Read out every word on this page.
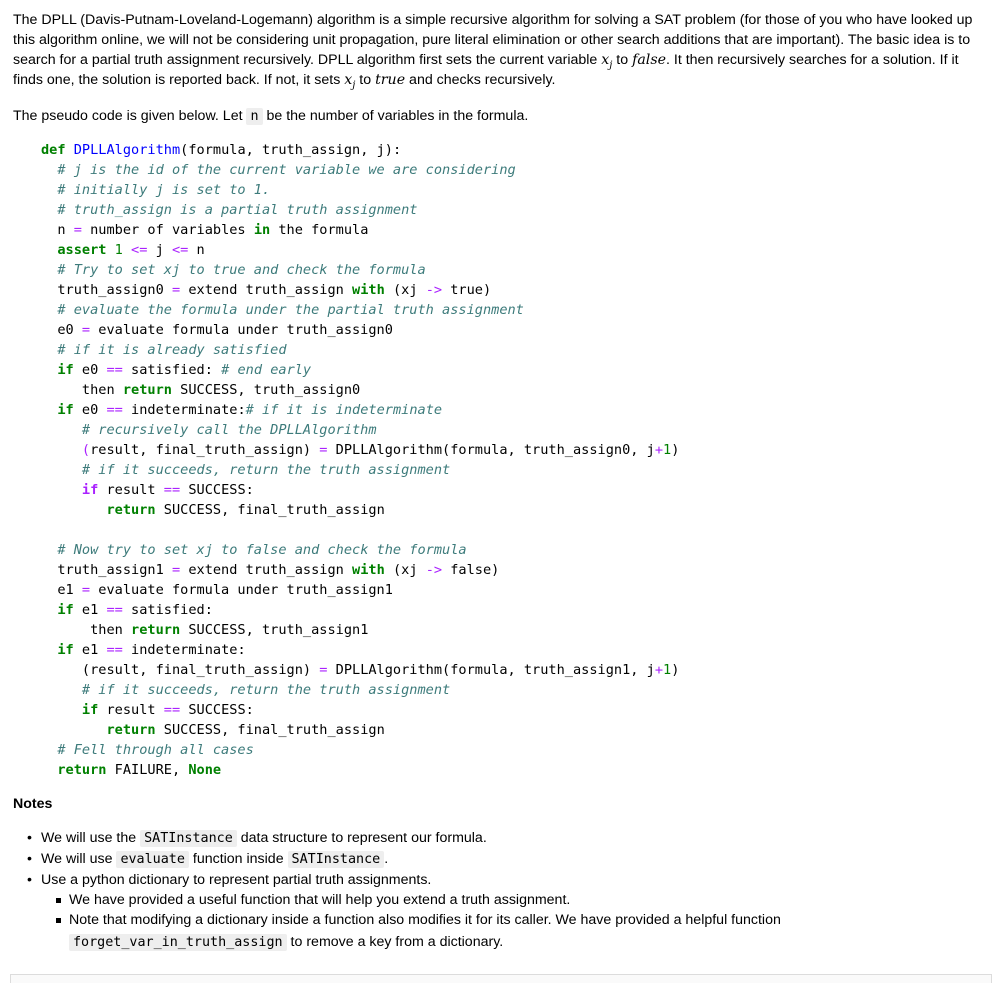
The DPLL (Davis-Putnam-Loveland-Logemann) algorithm is a simple recursive algorithm for solving a SAT problem (for those of you who have looked up this algorithm online, we will not be considering unit propagation, pure literal elimination or other search additions that are important). The basic idea is to search for a partial truth assignment recursively. DPLL algorithm first sets the current variable $x_j$ to false. It then recursively searches for a solution. If it finds one, the solution is reported back. If not, it sets $x_j$ to true and checks recursively.

The pseudo code is given below. Let n be the number of variables in the formula.

def DPLLAlgorithm(formula, truth_assign, j):
# j is the id of the current variable we are considering
# initially j is set to 1.
# truth_assign is a partial truth assignment
n = number of variables in the formula
assert 1 <= j <= n
# Try to set xj to true and check the formula
truth_assign0 = extend truth_assign with (xj -> true)
# evaluate the formula under the partial truth assignment
e0 = evaluate formula under truth_assign0
# if it is already satisfied
if e0 == satisfied: # end early
then return SUCCESS, truth_assign0
if e0 == indeterminate:# if it is indeterminate
# recursively call the DPLLAlgorithm
(result, final_truth_assign) = DPLLAlgorithm(formula, truth_assign0, j+1)
# if it succeeds, return the truth assignment
if result == SUCCESS:
return SUCCESS, final_truth_assign
# Now try to set xj to false and check the formula
truth_assign1 = extend truth_assign with (xj -> false)
e1 = evaluate formula under truth_assign1
if e1 == satisfied:
then return SUCCESS, truth_assign1
if e1 == indeterminate:
(result, final_truth_assign) = DPLLAlgorithm(formula, truth_assign1, j+1)
# if it succeeds, return the truth assignment
if result == SUCCESS:
return SUCCESS, final_truth_assign
# Fell through all cases
return FAILURE, None

Notes

• We will use the SATInstance data structure to represent our formula.
• We will use evaluate function inside SATInstance .
• Use a python dictionary to represent partial truth assignments.
We have provided a useful function that will help you extend a truth assignment.
Note that modifying a dictionary inside a function also modifies it for its caller. We have provided a helpful function
forget_var_in_truth_assign to remove a key from a dictionary.
